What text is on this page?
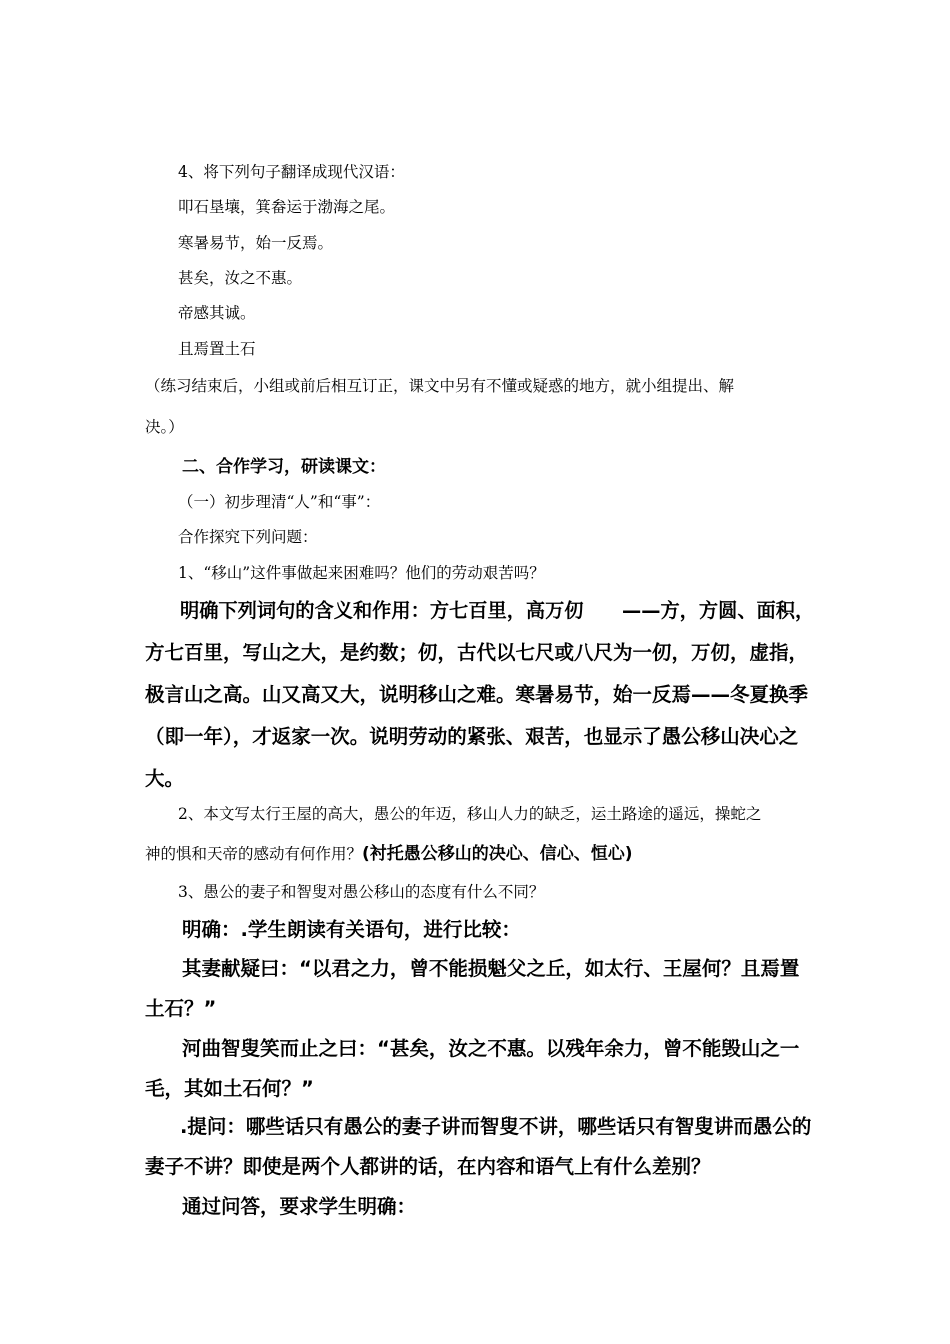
4、将下列句子翻译成现代汉语：
叩石垦壤，箕畚运于渤海之尾。
寒暑易节，始一反焉。
甚矣，汝之不惠。
帝感其诚。
且焉置土石
（练习结束后，小组或前后相互订正，课文中另有不懂或疑惑的地方，就小组提出、解
决。）
二、合作学习，研读课文：
（一）初步理清“人”和“事”：
合作探究下列问题：
1、“移山”这件事做起来困难吗？他们的劳动艰苦吗？
明确下列词句的含义和作用：方七百里，高万仞　　——方，方圆、面积，
方七百里，写山之大，是约数；仞，古代以七尺或八尺为一仞，万仞，虚指，
极言山之高。山又高又大，说明移山之难。寒暑易节，始一反焉——冬夏换季
（即一年），才返家一次。说明劳动的紧张、艰苦，也显示了愚公移山决心之
大。
2、本文写太行王屋的高大，愚公的年迈，移山人力的缺乏，运土路途的遥远，操蛇之
神的惧和天帝的感动有何作用？(衬托愚公移山的决心、信心、恒心)
3、愚公的妻子和智叟对愚公移山的态度有什么不同？
明确：.学生朗读有关语句，进行比较：
其妻献疑曰：“以君之力，曾不能损魁父之丘，如太行、王屋何？且焉置
土石？”
河曲智叟笑而止之曰：“甚矣，汝之不惠。以残年余力，曾不能毁山之一
毛，其如土石何？”
.提问：哪些话只有愚公的妻子讲而智叟不讲，哪些话只有智叟讲而愚公的
妻子不讲？即使是两个人都讲的话，在内容和语气上有什么差别？
通过问答，要求学生明确：
